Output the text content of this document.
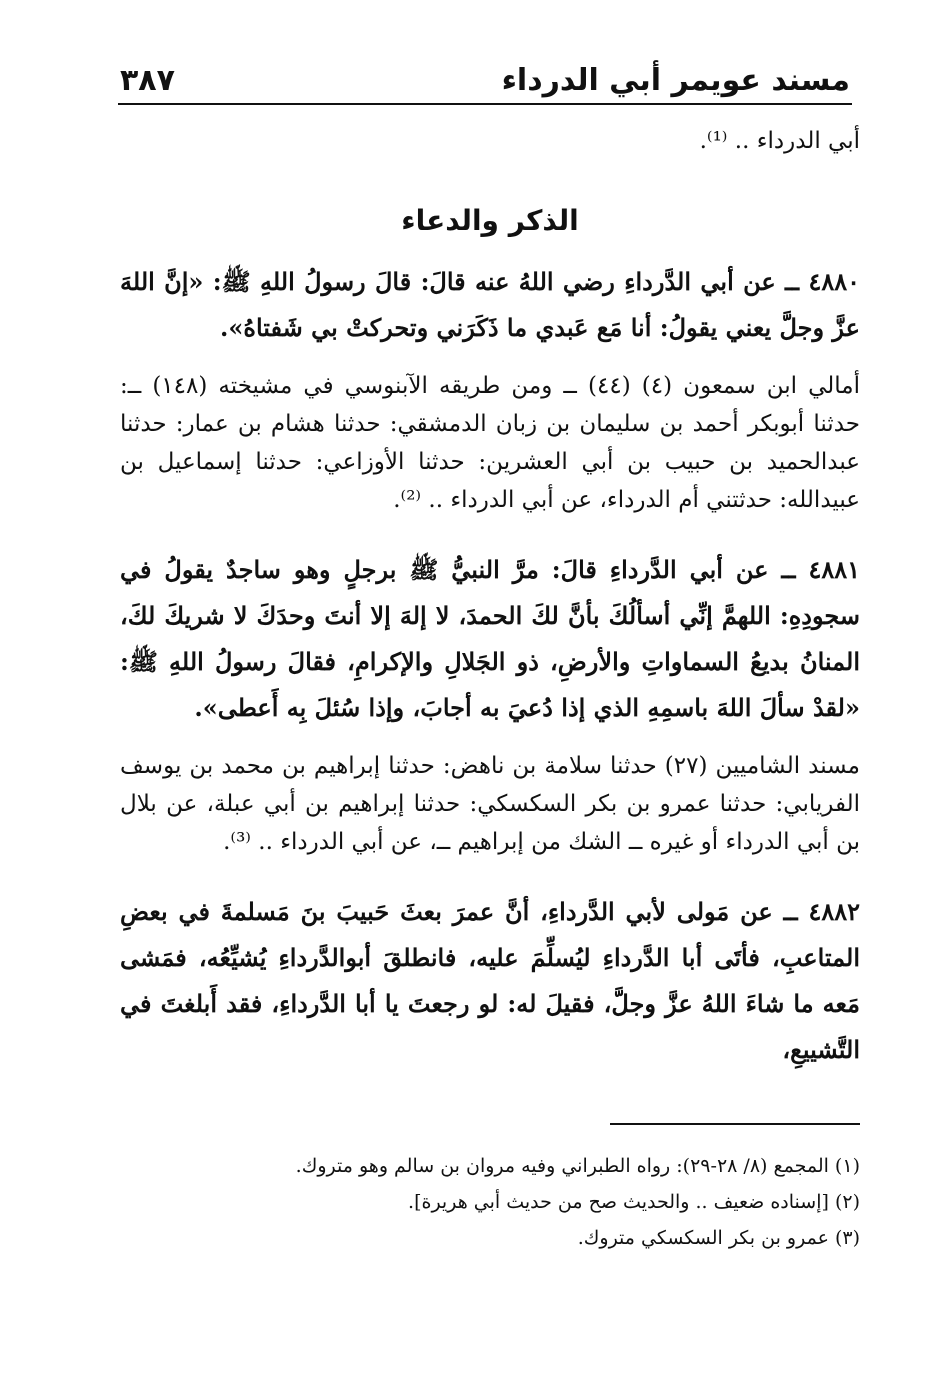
مسند عويمر أبي الدرداء
٣٨٧
أبي الدرداء .. ⁽¹⁾.
الذكر والدعاء
٤٨٨٠ ــ عن أبي الدَّرداءِ رضي اللهُ عنه قالَ: قالَ رسولُ اللهِ ﷺ: «إنَّ اللهَ عزَّ وجلَّ يعني يقولُ: أنا مَع عَبدي ما ذَكَرَني وتحركتْ بي شَفتاهُ».
أمالي ابن سمعون (٤) (٤٤) ــ ومن طريقه الآبنوسي في مشيخته (١٤٨) ــ: حدثنا أبوبكر أحمد بن سليمان بن زبان الدمشقي: حدثنا هشام بن عمار: حدثنا عبدالحميد بن حبيب بن أبي العشرين: حدثنا الأوزاعي: حدثنا إسماعيل بن عبيدالله: حدثتني أم الدرداء، عن أبي الدرداء .. ⁽²⁾.
٤٨٨١ ــ عن أبي الدَّرداءِ قالَ: مرَّ النبيُّ ﷺ برجلٍ وهو ساجدٌ يقولُ في سجودِهِ: اللهمَّ إنِّي أسألُكَ بأنَّ لكَ الحمدَ، لا إلهَ إلا أنتَ وحدَكَ لا شريكَ لكَ، المنانُ بديعُ السماواتِ والأرضِ، ذو الجَلالِ والإكرامِ، فقالَ رسولُ اللهِ ﷺ: «لقدْ سألَ اللهَ باسمِهِ الذي إذا دُعيَ به أجابَ، وإذا سُئلَ بِه أَعطى».
مسند الشاميين (٢٧) حدثنا سلامة بن ناهض: حدثنا إبراهيم بن محمد بن يوسف الفريابي: حدثنا عمرو بن بكر السكسكي: حدثنا إبراهيم بن أبي عبلة، عن بلال بن أبي الدرداء أو غيره ــ الشك من إبراهيم ــ، عن أبي الدرداء .. ⁽³⁾.
٤٨٨٢ ــ عن مَولى لأبي الدَّرداءِ، أنَّ عمرَ بعثَ حَبيبَ بنَ مَسلمةَ في بعضِ المتاعبِ، فأتَى أبا الدَّرداءِ ليُسلِّمَ عليه، فانطلقَ أبوالدَّرداءِ يُشيِّعُه، فمَشى مَعه ما شاءَ اللهُ عزَّ وجلَّ، فقيلَ له: لو رجعتَ يا أبا الدَّرداءِ، فقد أَبلغتَ في التَّشييعِ،
(١) المجمع (٨/ ٢٨-٢٩): رواه الطبراني وفيه مروان بن سالم وهو متروك.
(٢) [إسناده ضعيف .. والحديث صح من حديث أبي هريرة].
(٣) عمرو بن بكر السكسكي متروك.
